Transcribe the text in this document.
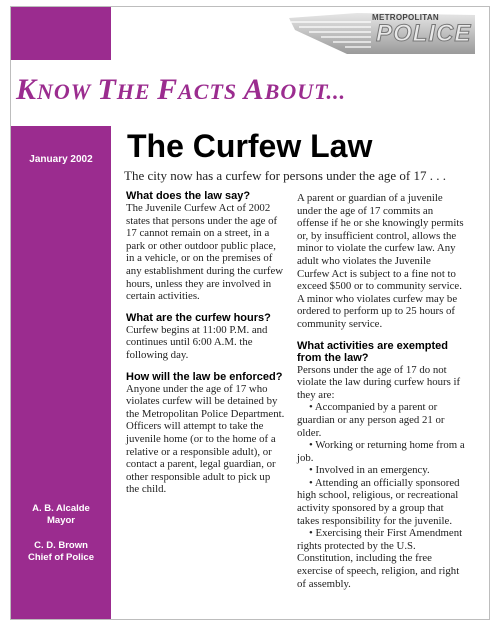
METROPOLITAN
POLICE
KNOW THE FACTS ABOUT...
January 2002
A. B. Alcalde
Mayor
C. D. Brown
Chief of Police
The Curfew Law
The city now has a curfew for persons under the age of 17 . . .

What does the law say?

The Juvenile Curfew Act of 2002 states that persons under the age of 17 cannot remain on a street, in a park or other outdoor public place, in a vehicle, or on the premises of any establishment during the curfew hours, unless they are involved in certain activities.

What are the curfew hours?

Curfew begins at 11:00 P.M. and continues until 6:00 A.M. the following day.

How will the law be enforced?

Anyone under the age of 17 who violates curfew will be detained by the Metropolitan Police Department. Officers will attempt to take the juvenile home (or to the home of a relative or a responsible adult), or contact a parent, legal guardian, or other responsible adult to pick up the child.

A parent or guardian of a juvenile under the age of 17 commits an offense if he or she knowingly permits or, by insufficient control, allows the minor to violate the curfew law. Any adult who violates the Juvenile Curfew Act is subject to a fine not to exceed $500 or to community service. A minor who violates curfew may be ordered to perform up to 25 hours of community service.

What activities are exempted from the law?

Persons under the age of 17 do not violate the law during curfew hours if they are:

• Accompanied by a parent or guardian or any person aged 21 or older.

• Working or returning home from a job.

• Involved in an emergency.

• Attending an officially sponsored high school, religious, or recreational activity sponsored by a group that takes responsibility for the juvenile.

• Exercising their First Amendment rights protected by the U.S. Constitution, including the free exercise of speech, religion, and right of assembly.
